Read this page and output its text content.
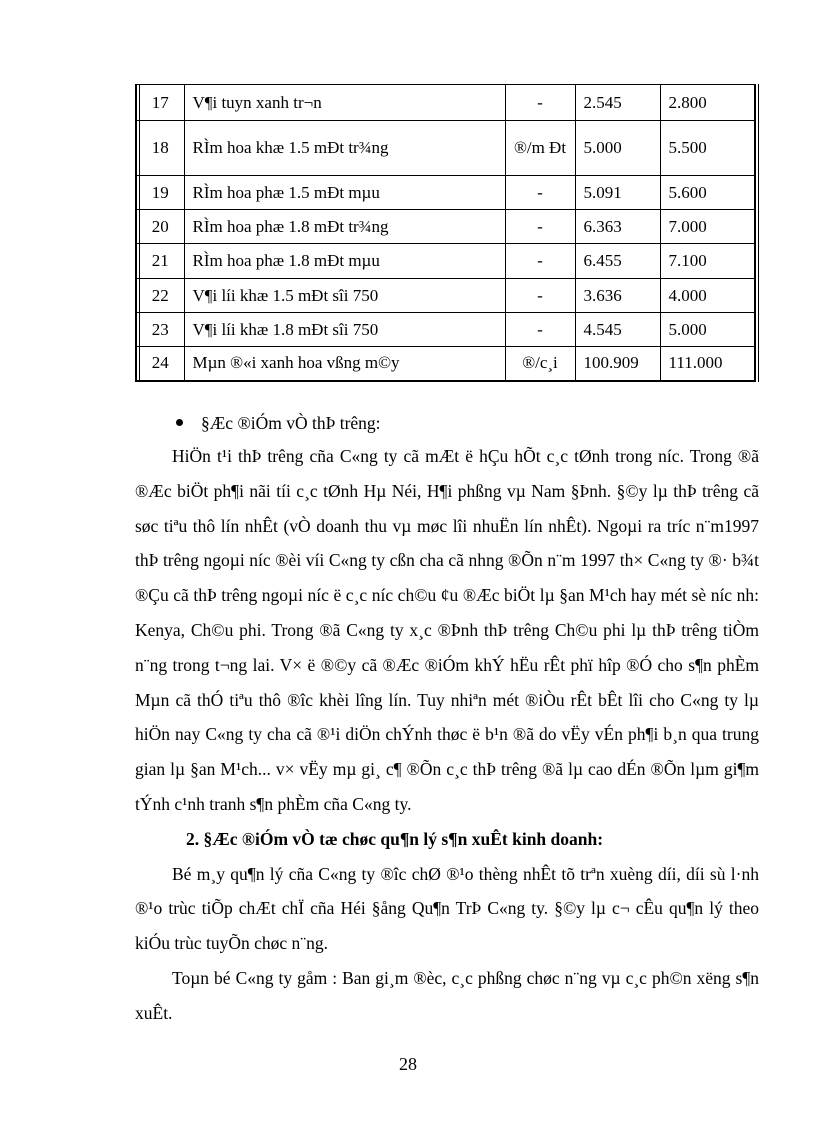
17	V¶i tuyn xanh tr¬n	-	2.545	2.800
18	RÌm hoa khæ 1.5 mÐt tr¾ng	®/m Ðt	5.000	5.500
19	RÌm hoa phæ 1.5 mÐt mµu	-	5.091	5.600
20	RÌm hoa phæ 1.8 mÐt tr¾ng	-	6.363	7.000
21	RÌm hoa phæ 1.8 mÐt mµu	-	6.455	7.100
22	V¶i líi khæ 1.5 mÐt sîi 750	-	3.636	4.000
23	V¶i líi khæ 1.8 mÐt sîi 750	-	4.545	5.000
24	Mµn ®«i xanh hoa vßng m©y	®/c¸i	100.909	111.000
§Æc ®iÓm vÒ thÞ trêng:

HiÖn t¹i thÞ trêng cña C«ng ty cã mÆt ë hÇu hÕt c¸c tØnh trong níc. Trong ®ã ®Æc biÖt ph¶i nãi tíi c¸c tØnh Hµ Néi, H¶i phßng vµ Nam §Þnh. §©y lµ thÞ trêng cã søc tiªu thô lín nhÊt (vÒ doanh thu vµ møc lîi nhuËn lín nhÊt). Ngoµi ra tríc n¨m1997 thÞ trêng ngoµi níc ®èi víi C«ng ty cßn cha cã nhng ®Õn n¨m 1997 th× C«ng ty ®· b¾t ®Çu cã thÞ trêng ngoµi níc ë c¸c níc ch©u ¢u ®Æc biÖt lµ §an M¹ch hay mét sè níc nh: Kenya, Ch©u phi. Trong ®ã C«ng ty x¸c ®Þnh thÞ trêng Ch©u phi lµ thÞ trêng tiÒm n¨ng trong t¬ng lai. V× ë ®©y cã ®Æc ®iÓm khÝ hËu rÊt phï hîp ®Ó cho s¶n phÈm Mµn cã thÓ tiªu thô ®îc khèi lîng lín. Tuy nhiªn mét ®iÒu rÊt bÊt lîi cho C«ng ty lµ hiÖn nay C«ng ty cha cã ®¹i diÖn chÝnh thøc ë b¹n ®ã do vËy vÉn ph¶i b¸n qua trung gian lµ §an M¹ch... v× vËy mµ gi¸ c¶ ®Õn c¸c thÞ trêng ®ã lµ cao dÉn ®Õn lµm gi¶m tÝnh c¹nh tranh s¶n phÈm cña C«ng ty.

2. §Æc ®iÓm vÒ tæ chøc qu¶n lý s¶n xuÊt kinh doanh:

Bé m¸y qu¶n lý cña C«ng ty ®îc chØ ®¹o thèng nhÊt tõ trªn xuèng díi, díi sù l·nh ®¹o trùc tiÕp chÆt chÏ cña Héi §ång Qu¶n TrÞ C«ng ty. §©y lµ c¬ cÊu qu¶n lý theo kiÓu trùc tuyÕn chøc n¨ng.

Toµn bé C«ng ty gåm : Ban gi¸m ®èc, c¸c phßng chøc n¨ng vµ c¸c ph©n xëng s¶n xuÊt.

28
